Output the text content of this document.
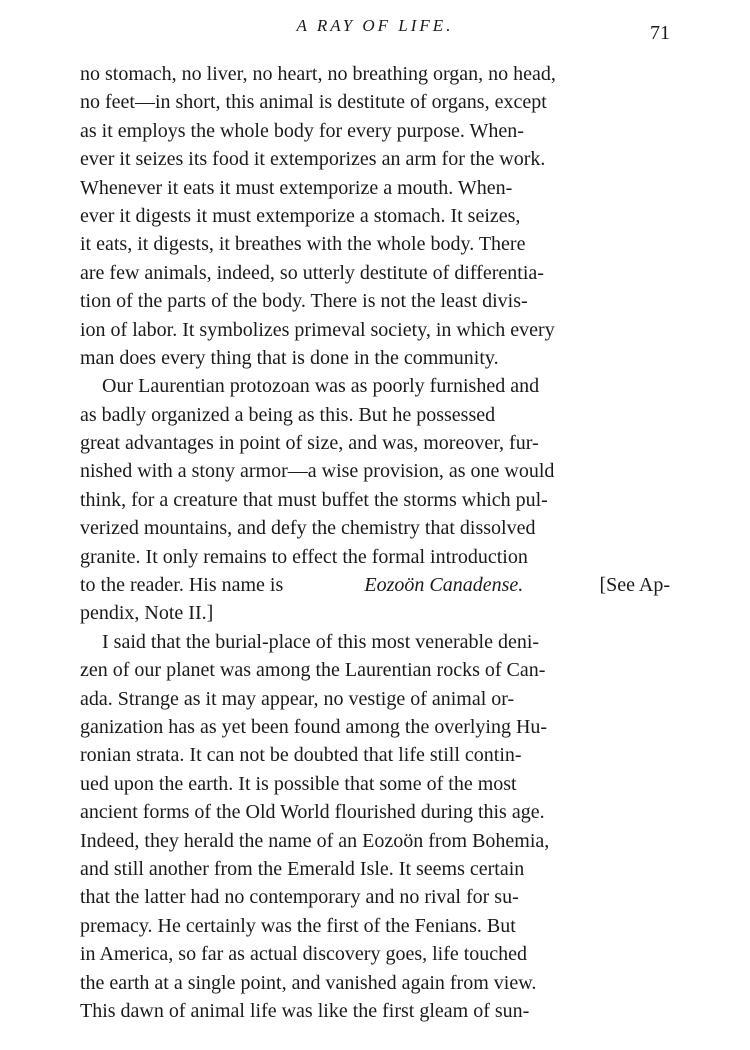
A RAY OF LIFE.	71
no stomach, no liver, no heart, no breathing organ, no head,
no feet—in short, this animal is destitute of organs, except
as it employs the whole body for every purpose. When-
ever it seizes its food it extemporizes an arm for the work.
Whenever it eats it must extemporize a mouth. When-
ever it digests it must extemporize a stomach. It seizes,
it eats, it digests, it breathes with the whole body. There
are few animals, indeed, so utterly destitute of differentia-
tion of the parts of the body. There is not the least divis-
ion of labor. It symbolizes primeval society, in which every
man does every thing that is done in the community.
Our Laurentian protozoan was as poorly furnished and
as badly organized a being as this. But he possessed
great advantages in point of size, and was, moreover, fur-
nished with a stony armor—a wise provision, as one would
think, for a creature that must buffet the storms which pul-
verized mountains, and defy the chemistry that dissolved
granite. It only remains to effect the formal introduction
to the reader. His name is	Eozoön Canadense.	[See Ap-
pendix, Note II.]
I said that the burial-place of this most venerable deni-
zen of our planet was among the Laurentian rocks of Can-
ada. Strange as it may appear, no vestige of animal or-
ganization has as yet been found among the overlying Hu-
ronian strata. It can not be doubted that life still contin-
ued upon the earth. It is possible that some of the most
ancient forms of the Old World flourished during this age.
Indeed, they herald the name of an Eozoön from Bohemia,
and still another from the Emerald Isle. It seems certain
that the latter had no contemporary and no rival for su-
premacy. He certainly was the first of the Fenians. But
in America, so far as actual discovery goes, life touched
the earth at a single point, and vanished again from view.
This dawn of animal life was like the first gleam of sun-
